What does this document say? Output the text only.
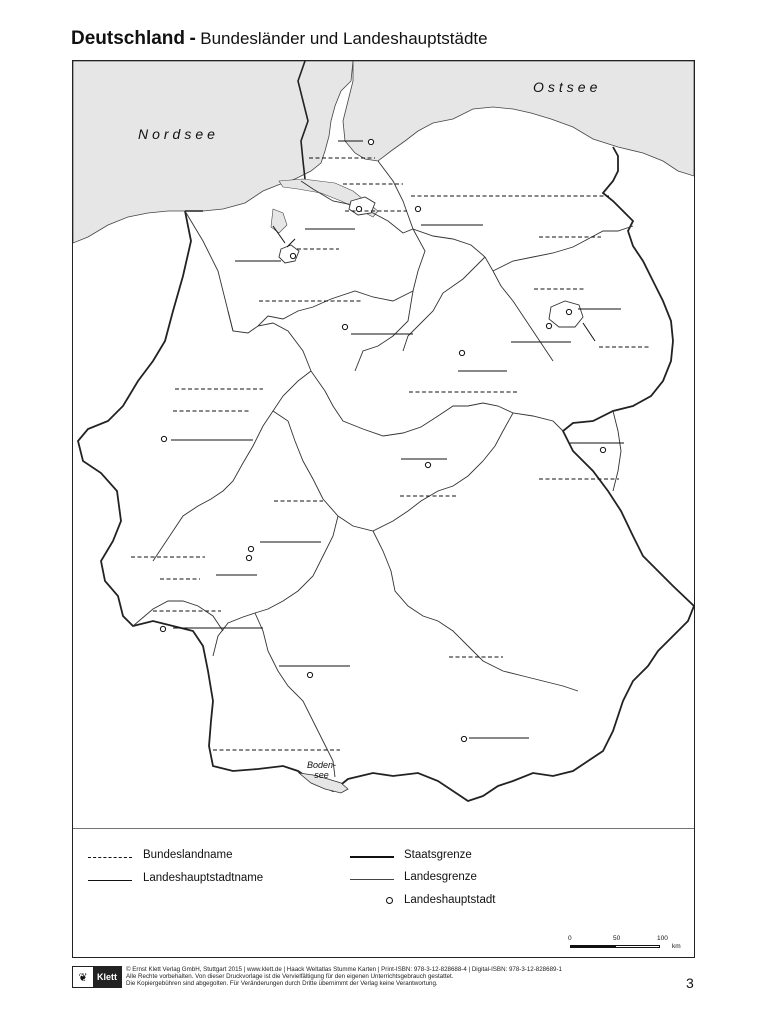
Deutschland - Bundesländer und Landeshauptstädte
Nordsee
Ostsee
Boden-
see
Bundeslandname
Landeshauptstadtname
Staatsgrenze
Landesgrenze
Landeshauptstadt
0	50	100
km
❦	Klett
© Ernst Klett Verlag GmbH, Stuttgart 2015 | www.klett.de | Haack Weltatlas Stumme Karten | Print-ISBN: 978-3-12-828688-4 | Digital-ISBN: 978-3-12-828689-1
Alle Rechte vorbehalten. Von dieser Druckvorlage ist die Vervielfältigung für den eigenen Unterrichtsgebrauch gestattet.
Die Kopiergebühren sind abgegolten. Für Veränderungen durch Dritte übernimmt der Verlag keine Verantwortung.	3
